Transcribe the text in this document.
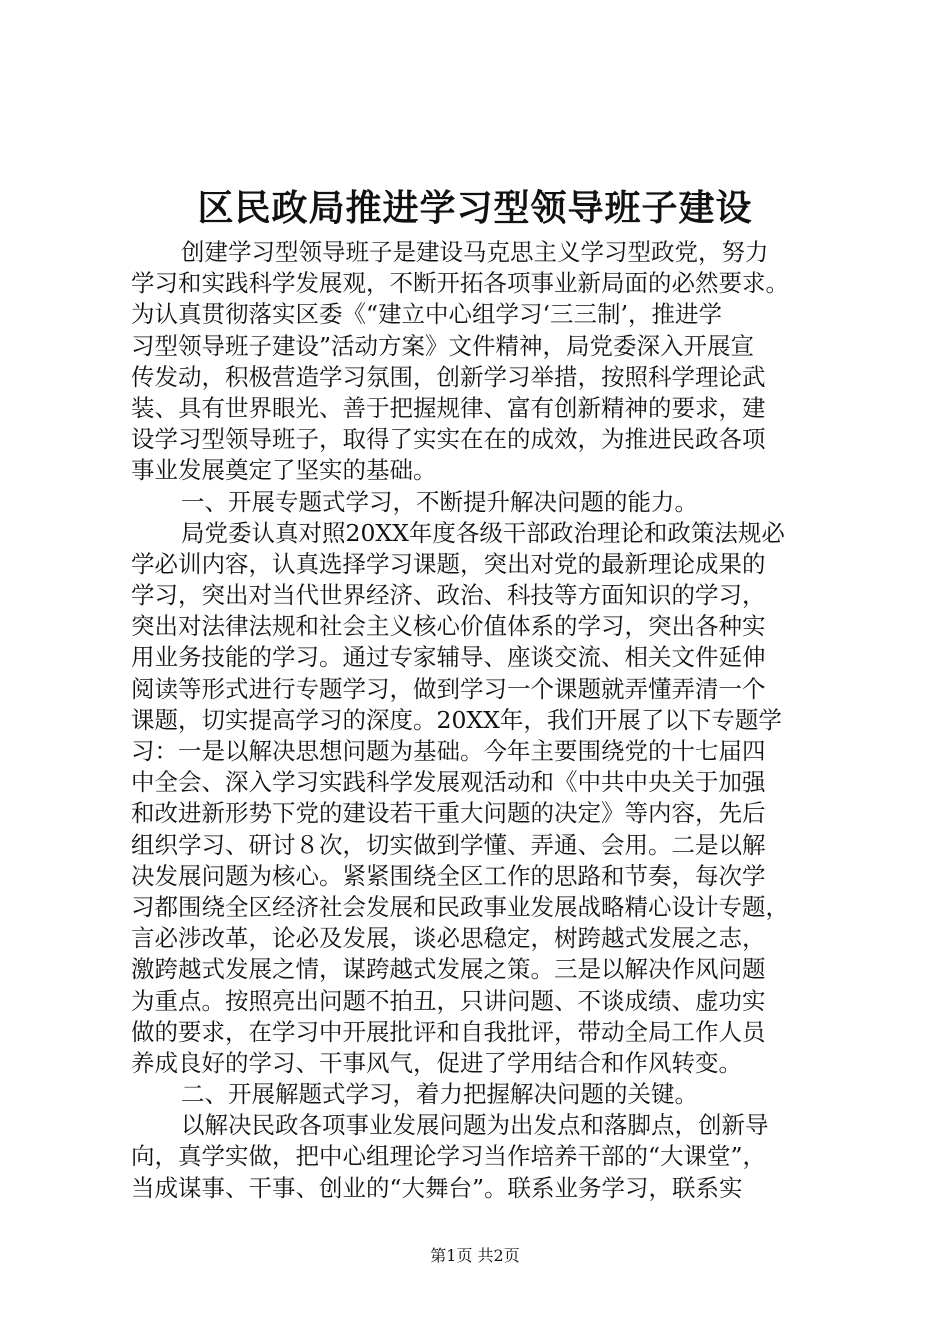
区民政局推进学习型领导班子建设

创建学习型领导班子是建设马克思主义学习型政党，努力
学习和实践科学发展观，不断开拓各项事业新局面的必然要求。
为认真贯彻落实区委《“建立中心组学习‘三三制’，推进学
习型领导班子建设”活动方案》文件精神，局党委深入开展宣
传发动，积极营造学习氛围，创新学习举措，按照科学理论武
装、具有世界眼光、善于把握规律、富有创新精神的要求，建
设学习型领导班子，取得了实实在在的成效，为推进民政各项
事业发展奠定了坚实的基础。

一、开展专题式学习，不断提升解决问题的能力。

局党委认真对照20XX年度各级干部政治理论和政策法规必
学必训内容，认真选择学习课题，突出对党的最新理论成果的
学习，突出对当代世界经济、政治、科技等方面知识的学习，
突出对法律法规和社会主义核心价值体系的学习，突出各种实
用业务技能的学习。通过专家辅导、座谈交流、相关文件延伸
阅读等形式进行专题学习，做到学习一个课题就弄懂弄清一个
课题，切实提高学习的深度。20XX年，我们开展了以下专题学
习：一是以解决思想问题为基础。今年主要围绕党的十七届四
中全会、深入学习实践科学发展观活动和《中共中央关于加强
和改进新形势下党的建设若干重大问题的决定》等内容，先后
组织学习、研讨８次，切实做到学懂、弄通、会用。二是以解
决发展问题为核心。紧紧围绕全区工作的思路和节奏，每次学
习都围绕全区经济社会发展和民政事业发展战略精心设计专题，
言必涉改革，论必及发展，谈必思稳定，树跨越式发展之志，
激跨越式发展之情，谋跨越式发展之策。三是以解决作风问题
为重点。按照亮出问题不拍丑，只讲问题、不谈成绩、虚功实
做的要求，在学习中开展批评和自我批评，带动全局工作人员
养成良好的学习、干事风气，促进了学用结合和作风转变。

二、开展解题式学习，着力把握解决问题的关键。

以解决民政各项事业发展问题为出发点和落脚点，创新导
向，真学实做，把中心组理论学习当作培养干部的“大课堂”，
当成谋事、干事、创业的“大舞台”。联系业务学习，联系实

第1页 共2页
